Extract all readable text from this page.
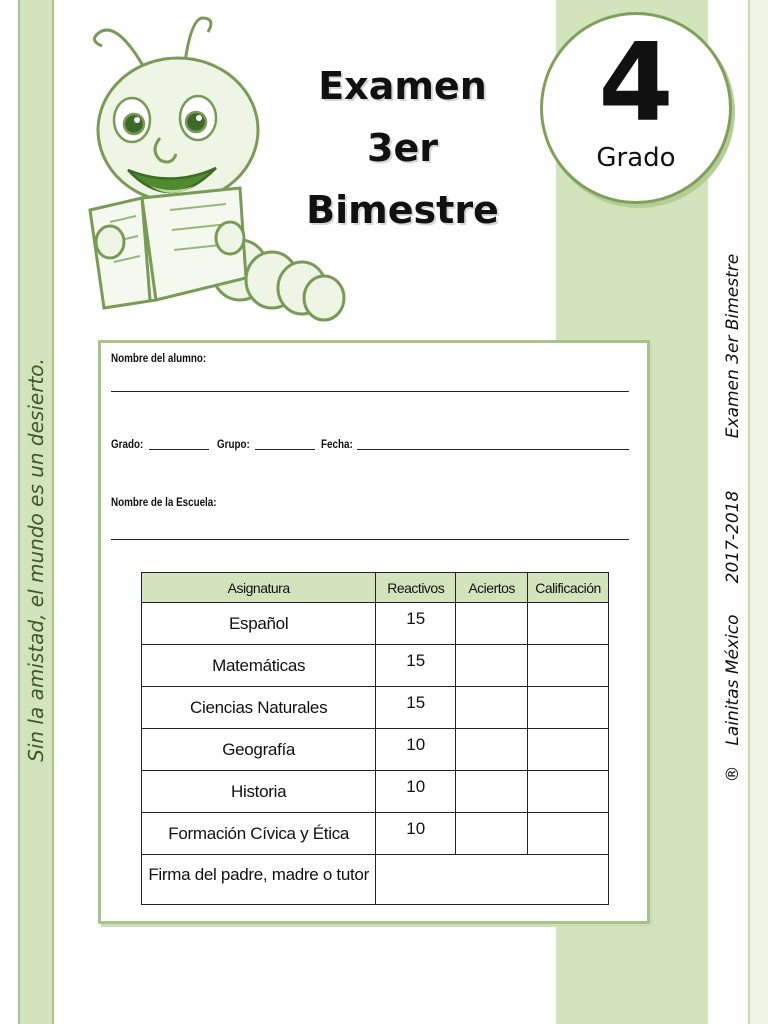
Sin la amistad, el mundo es un desierto.
Examen 3er Bimestre
2017-2018
Lainitas México
®
Examen
3er
Bimestre
4
Grado
Nombre del alumno:
Grado:	Grupo:	Fecha:
Nombre de la Escuela:
Asignatura	Reactivos	Aciertos	Calificación
Español	15		
Matemáticas	15		
Ciencias Naturales	15		
Geografía	10		
Historia	10		
Formación Cívica y Ética	10		
Firma del padre, madre o tutor			
